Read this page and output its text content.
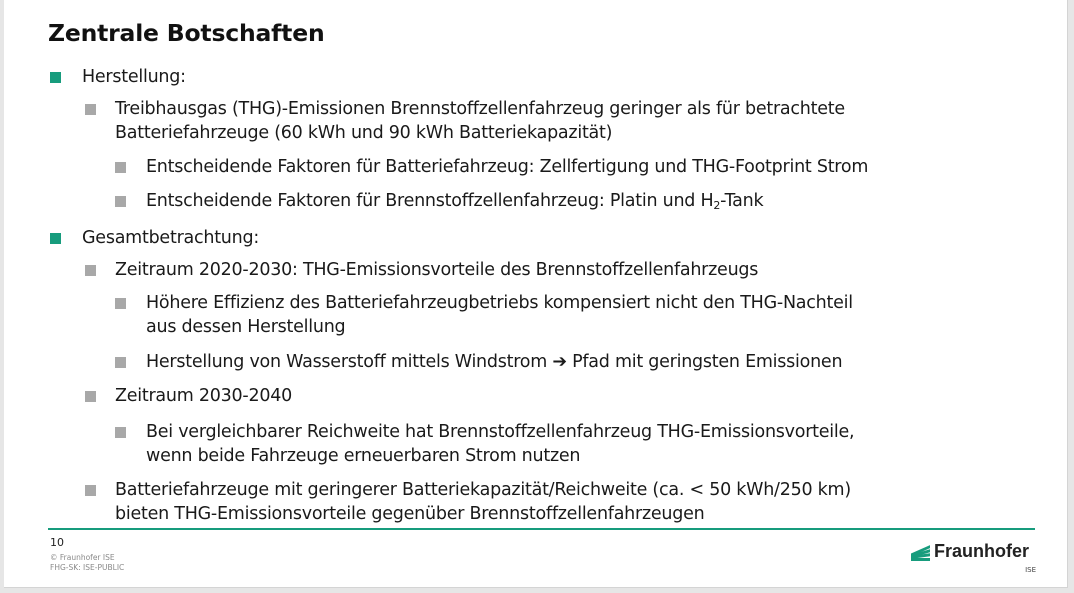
Zentrale Botschaften
Herstellung:
Treibhausgas (THG)-Emissionen Brennstoffzellenfahrzeug geringer als für betrachtete
Batteriefahrzeuge (60 kWh und 90 kWh Batteriekapazität)
Entscheidende Faktoren für Batteriefahrzeug: Zellfertigung und THG-Footprint Strom
Entscheidende Faktoren für Brennstoffzellenfahrzeug: Platin und $H_2$-Tank
Gesamtbetrachtung:
Zeitraum 2020-2030: THG-Emissionsvorteile des Brennstoffzellenfahrzeugs
Höhere Effizienz des Batteriefahrzeugbetriebs kompensiert nicht den THG-Nachteil
aus dessen Herstellung
Herstellung von Wasserstoff mittels Windstrom ➔ Pfad mit geringsten Emissionen
Zeitraum 2030-2040
Bei vergleichbarer Reichweite hat Brennstoffzellenfahrzeug THG-Emissionsvorteile,
wenn beide Fahrzeuge erneuerbaren Strom nutzen
Batteriefahrzeuge mit geringerer Batteriekapazität/Reichweite (ca. < 50 kWh/250 km)
bieten THG-Emissionsvorteile gegenüber Brennstoffzellenfahrzeugen
10
© Fraunhofer ISE
FHG-SK: ISE-PUBLIC
Fraunhofer
ISE
